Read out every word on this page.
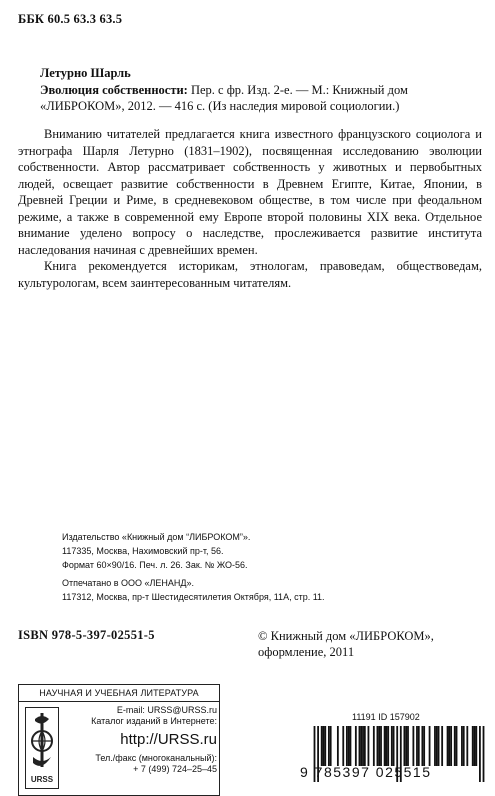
ББК 60.5 63.3 63.5
Летурно Шарль
Эволюция собственности: Пер. с фр. Изд. 2-е. — М.: Книжный дом
«ЛИБРОКОМ», 2012. — 416 с. (Из наследия мировой социологии.)

Вниманию читателей предлагается книга известного французского социолога и этнографа Шарля Летурно (1831–1902), посвященная исследованию эволюции собственности. Автор рассматривает собственность у животных и первобытных людей, освещает развитие собственности в Древнем Египте, Китае, Японии, в Древней Греции и Риме, в средневековом обществе, в том числе при феодальном режиме, а также в современной ему Европе второй половины XIX века. Отдельное внимание уделено вопросу о наследстве, прослеживается развитие института наследования начиная с древнейших времен.

Книга рекомендуется историкам, этнологам, правоведам, обществоведам, культурологам, всем заинтересованным читателям.

Издательство «Книжный дом “ЛИБРОКОМ”».
117335, Москва, Нахимовский пр-т, 56.
Формат 60×90/16. Печ. л. 26. Зак. № ЖО-56.
Отпечатано в ООО «ЛЕНАНД».
117312, Москва, пр-т Шестидесятилетия Октября, 11А, стр. 11.
ISBN 978-5-397-02551-5	© Книжный дом «ЛИБРОКОМ»,
оформление, 2011
НАУЧНАЯ И УЧЕБНАЯ ЛИТЕРАТУРА
URSS
E-mail: URSS@URSS.ru
Каталог изданий в Интернете:
http://URSS.ru
Тел./факс (многоканальный):
+ 7 (499) 724–25–45
11191 ID 157902
9 785397 025515
